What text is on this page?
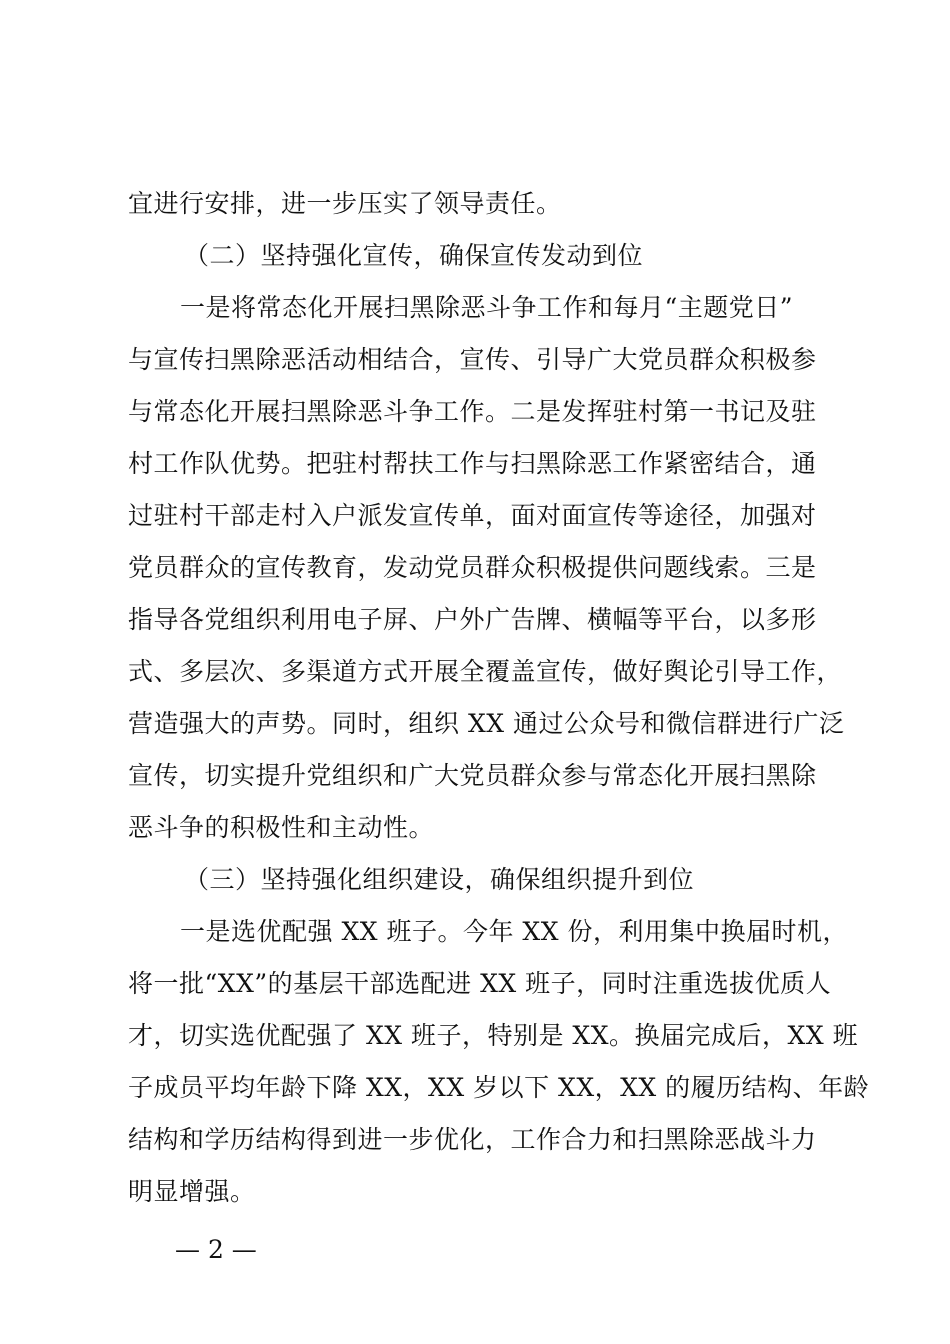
宜进行安排，进一步压实了领导责任。
（二）坚持强化宣传，确保宣传发动到位
一是将常态化开展扫黑除恶斗争工作和每月“主题党日”
与宣传扫黑除恶活动相结合，宣传、引导广大党员群众积极参
与常态化开展扫黑除恶斗争工作。二是发挥驻村第一书记及驻
村工作队优势。把驻村帮扶工作与扫黑除恶工作紧密结合，通
过驻村干部走村入户派发宣传单，面对面宣传等途径，加强对
党员群众的宣传教育，发动党员群众积极提供问题线索。三是
指导各党组织利用电子屏、户外广告牌、横幅等平台，以多形
式、多层次、多渠道方式开展全覆盖宣传，做好舆论引导工作，
营造强大的声势。同时，组织 XX 通过公众号和微信群进行广泛
宣传，切实提升党组织和广大党员群众参与常态化开展扫黑除
恶斗争的积极性和主动性。
（三）坚持强化组织建设，确保组织提升到位
一是选优配强 XX 班子。今年 XX 份，利用集中换届时机，
将一批“XX”的基层干部选配进 XX 班子，同时注重选拔优质人
才，切实选优配强了 XX 班子，特别是 XX。换届完成后，XX 班
子成员平均年龄下降 XX，XX 岁以下 XX，XX 的履历结构、年龄
结构和学历结构得到进一步优化，工作合力和扫黑除恶战斗力
明显增强。
— 2 —
